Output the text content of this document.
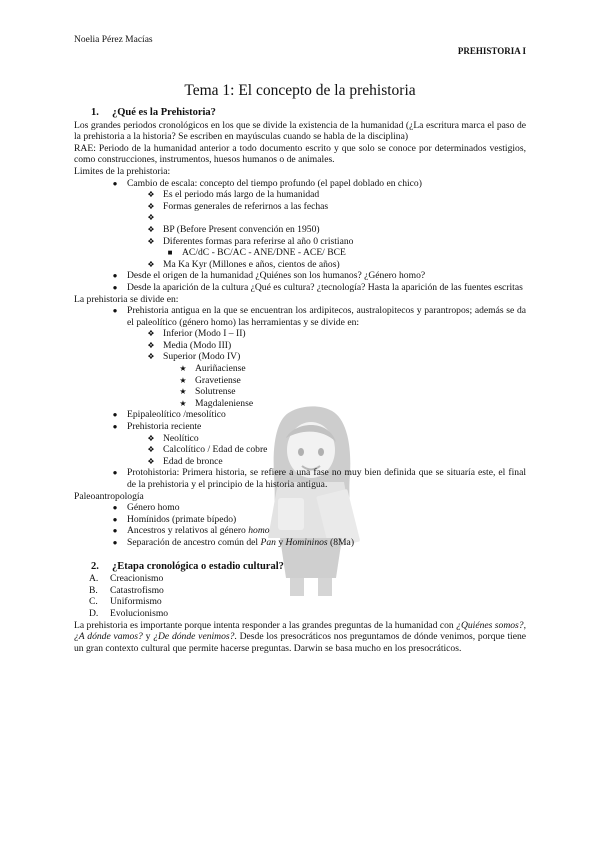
Noelia Pérez Macías
PREHISTORIA I
Tema 1: El concepto de la prehistoria
1. ¿Qué es la Prehistoria?

Los grandes periodos cronológicos en los que se divide la existencia de la humanidad (¿La escritura marca el paso de la prehistoria a la historia? Se escriben en mayúsculas cuando se habla de la disciplina)

RAE: Periodo de la humanidad anterior a todo documento escrito y que solo se conoce por determinados vestigios, como construcciones, instrumentos, huesos humanos o de animales.

Limites de la prehistoria:

● Cambio de escala: concepto del tiempo profundo (el papel doblado en chico)
❖ Es el periodo más largo de la humanidad
❖ Formas generales de referirnos a las fechas
❖

❖ BP (Before Present convención en 1950)
❖ Diferentes formas para referirse al año 0 cristiano
■ AC/dC - BC/AC - ANE/DNE - ACE/ BCE
❖ Ma Ka Kyr (Millones e años, cientos de años)
● Desde el origen de la humanidad ¿Quiénes son los humanos? ¿Género homo?
● Desde la aparición de la cultura ¿Qué es cultura? ¿tecnología? Hasta la aparición de las fuentes escritas

La prehistoria se divide en:

● Prehistoria antigua en la que se encuentran los ardipitecos, australopitecos y parantropos; además se da el paleolítico (género homo) las herramientas y se divide en:
❖ Inferior (Modo I – II)
❖ Media (Modo III)
❖ Superior (Modo IV)
★ Auriñaciense
★ Gravetiense
★ Solutrense
★ Magdaleniense
● Epipaleolítico /mesolítico
● Prehistoria reciente
❖ Neolítico
❖ Calcolítico / Edad de cobre
❖ Edad de bronce
● Protohistoria: Primera historia, se refiere a una fase no muy bien definida que se situaría este, el final de la prehistoria y el principio de la historia antigua.

Paleoantropología

● Género homo
● Homínidos (primate bípedo)
● Ancestros y relativos al género homo
● Separación de ancestro común del Pan y Homininos (8Ma)
2. ¿Etapa cronológica o estadio cultural?
A.	Creacionismo
B.	Catastrofismo
C.	Uniformismo
D.	Evolucionismo

La prehistoria es importante porque intenta responder a las grandes preguntas de la humanidad con ¿Quiénes somos?, ¿A dónde vamos? y ¿De dónde venimos?. Desde los presocráticos nos preguntamos de dónde venimos, porque tiene un gran contexto cultural que permite hacerse preguntas. Darwin se basa mucho en los presocráticos.
